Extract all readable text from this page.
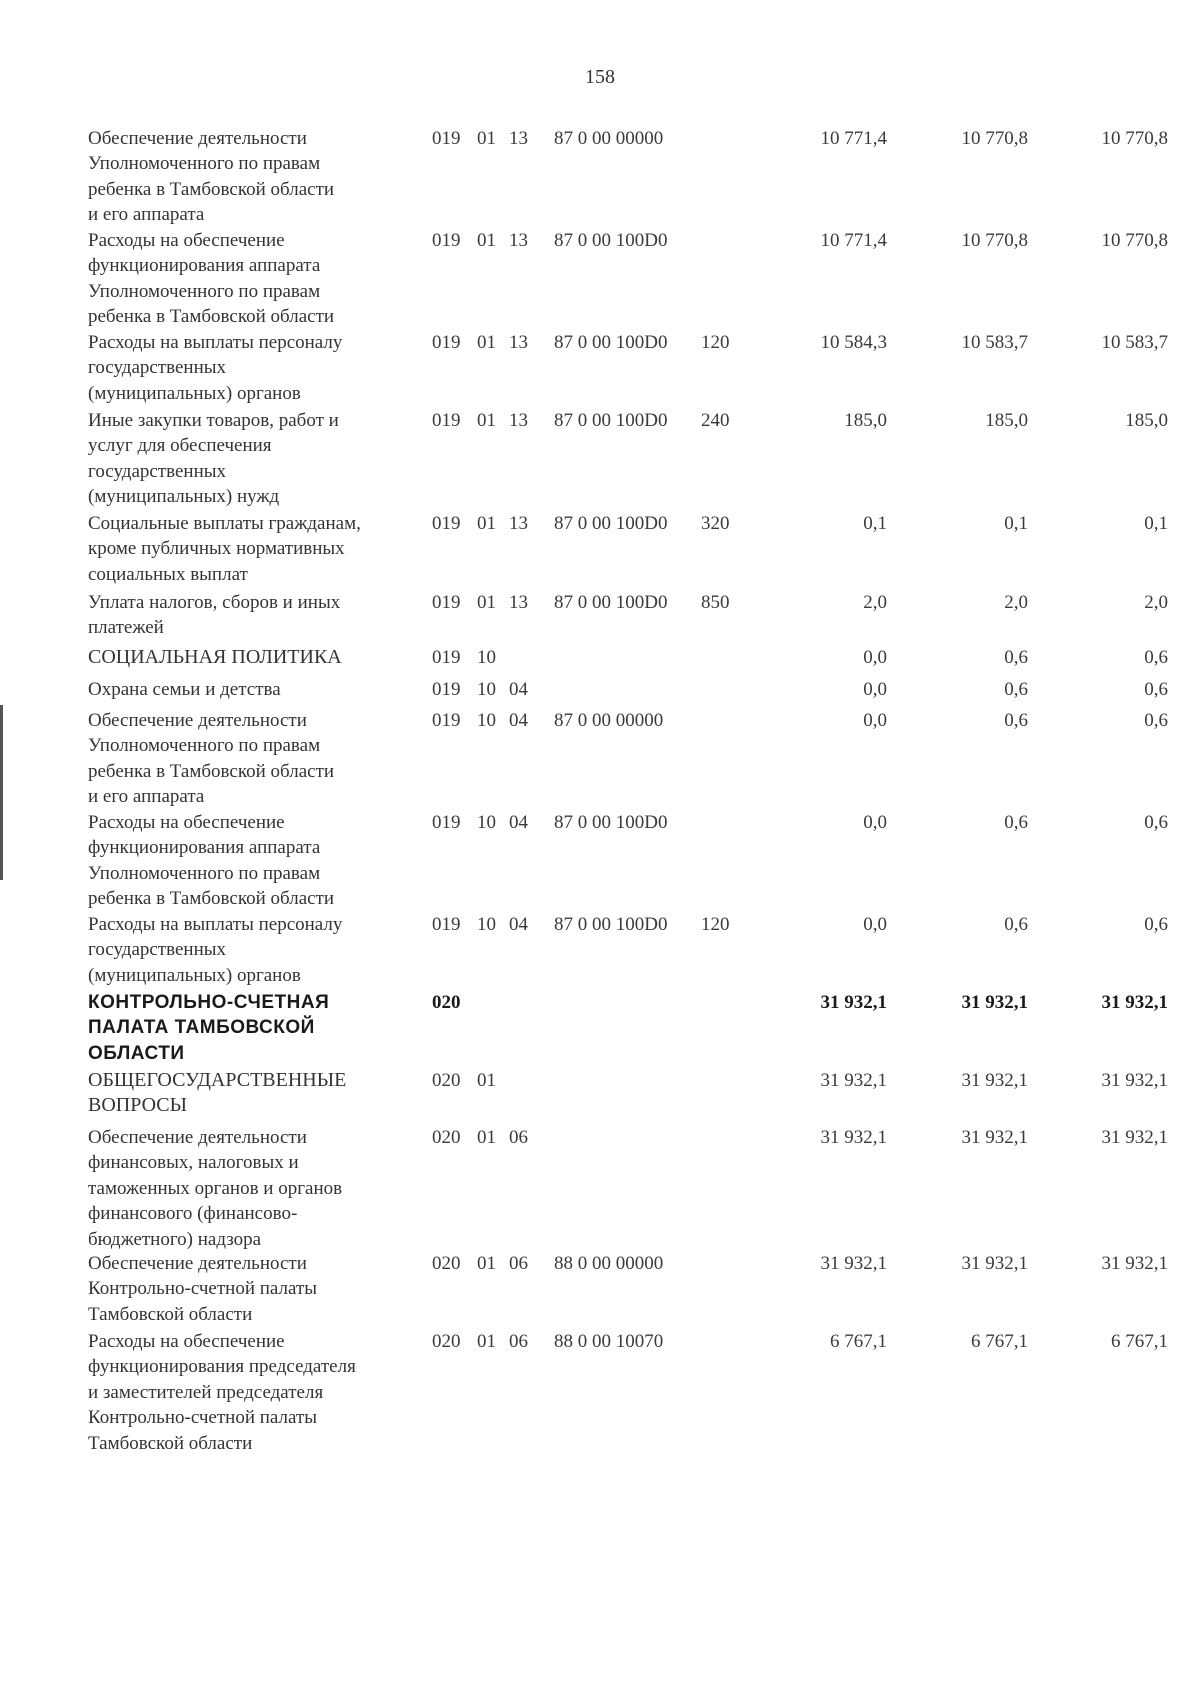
158
Обеспечение деятельности
Уполномоченного по правам
ребенка в Тамбовской области
и его аппарата
019 01 13 87 0 00 00000	10 771,4	10 770,8	10 770,8
Расходы на обеспечение
функционирования аппарата
Уполномоченного по правам
ребенка в Тамбовской области
019 01 13 87 0 00 100D0	10 771,4	10 770,8	10 770,8
Расходы на выплаты персоналу
государственных
(муниципальных) органов
019 01 13 87 0 00 100D0	120	10 584,3	10 583,7	10 583,7
Иные закупки товаров, работ и
услуг для обеспечения
государственных
(муниципальных) нужд
019 01 13 87 0 00 100D0	240	185,0	185,0	185,0
Социальные выплаты гражданам,
кроме публичных нормативных
социальных выплат
019 01 13 87 0 00 100D0	320	0,1	0,1	0,1
Уплата налогов, сборов и иных
платежей
019 01 13 87 0 00 100D0	850	2,0	2,0	2,0
СОЦИАЛЬНАЯ ПОЛИТИКА	019 10	0,0	0,6	0,6
Охрана семьи и детства	019 10 04	0,0	0,6	0,6
Обеспечение деятельности
Уполномоченного по правам
ребенка в Тамбовской области
и его аппарата
019 10 04 87 0 00 00000	0,0	0,6	0,6
Расходы на обеспечение
функционирования аппарата
Уполномоченного по правам
ребенка в Тамбовской области
019 10 04 87 0 00 100D0	0,0	0,6	0,6
Расходы на выплаты персоналу
государственных
(муниципальных) органов
019 10 04 87 0 00 100D0	120	0,0	0,6	0,6
КОНТРОЛЬНО-СЧЕТНАЯ
ПАЛАТА ТАМБОВСКОЙ
ОБЛАСТИ
020	31 932,1	31 932,1	31 932,1
ОБЩЕГОСУДАРСТВЕННЫЕ
ВОПРОСЫ
020 01	31 932,1	31 932,1	31 932,1
Обеспечение деятельности
финансовых, налоговых и
таможенных органов и органов
финансового (финансово-
бюджетного) надзора
020 01 06	31 932,1	31 932,1	31 932,1
Обеспечение деятельности
Контрольно-счетной палаты
Тамбовской области
020 01 06 88 0 00 00000	31 932,1	31 932,1	31 932,1
Расходы на обеспечение
функционирования председателя
и заместителей председателя
Контрольно-счетной палаты
Тамбовской области
020 01 06 88 0 00 10070	6 767,1	6 767,1	6 767,1
